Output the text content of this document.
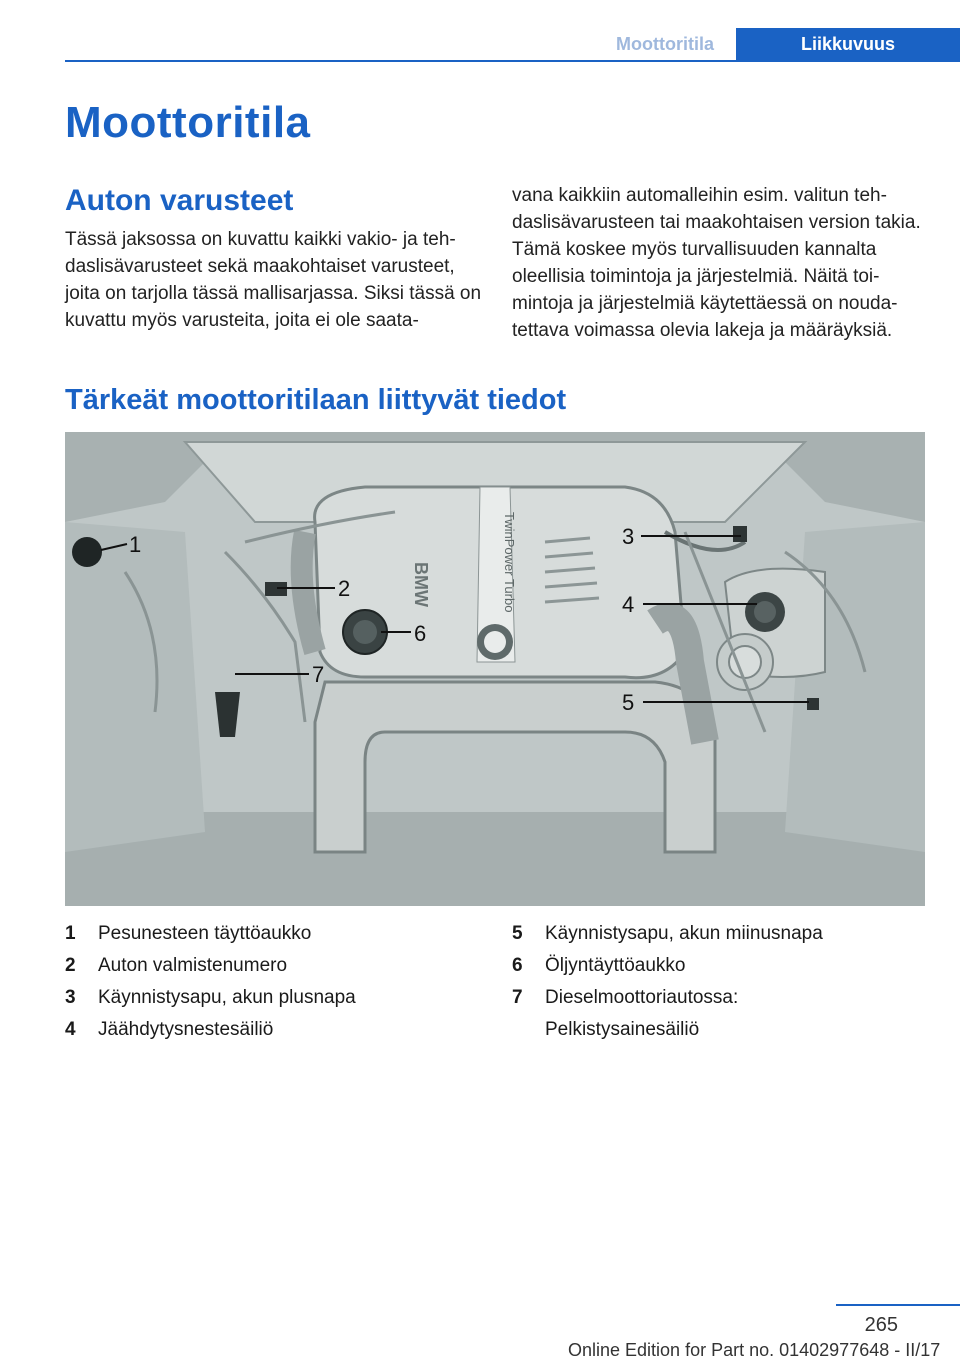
Moottoritila	Liikkuvuus
Moottoritila
Auton varusteet

Tässä jaksossa on kuvattu kaikki vakio- ja tehdaslisävarusteet sekä maakohtaiset varusteet, joita on tarjolla tässä mallisarjassa. Siksi tässä on kuvattu myös varusteita, joita ei ole saata-

vana kaikkiin automalleihin esim. valitun tehdaslisävarusteen tai maakohtaisen version takia. Tämä koskee myös turvallisuuden kannalta oleellisia toimintoja ja järjestelmiä. Näitä toimintoja ja järjestelmiä käytettäessä on noudatettava voimassa olevia lakeja ja määräyksiä.

Tärkeät moottoritilaan liittyvät tiedot
TwinPower Turbo
BMW
1
2
3
4
5
6
7
1	Pesunesteen täyttöaukko
2	Auton valmistenumero
3	Käynnistysapu, akun plusnapa
4	Jäähdytysnestesäiliö
5	Käynnistysapu, akun miinusnapa
6	Öljyntäyttöaukko
7	Dieselmoottoriautossa:
Pelkistysainesäiliö
265
Online Edition for Part no. 01402977648 - II/17
